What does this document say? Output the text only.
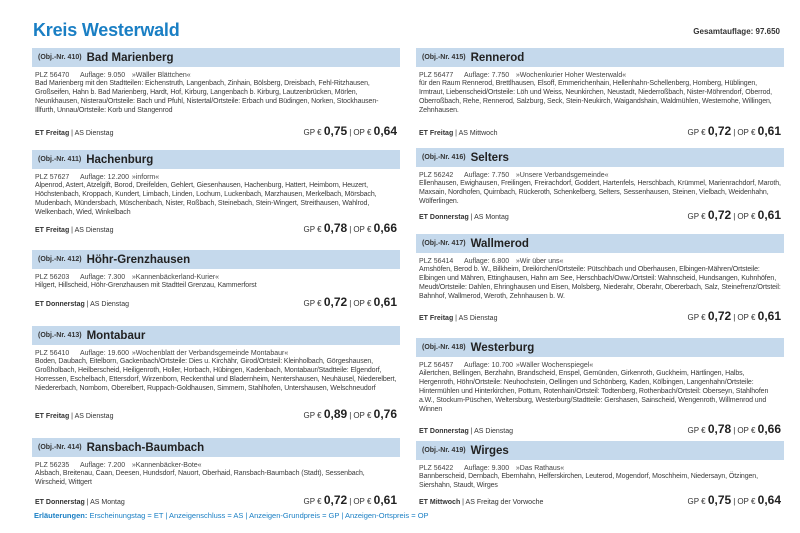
Kreis Westerwald	Gesamtauflage: 97.650
(Obj.-Nr. 410) Bad Marienberg
PLZ 56470 Auflage: 9.050 »Wäller Blättchen«
Bad Marienberg mit den Stadtteilen: Eichenstruth, Langenbach, Zinhain, Bölsberg, Dreisbach, Fehl-Ritzhausen, Großseifen, Hahn b. Bad Marienberg, Hardt, Hof, Kirburg, Langenbach b. Kirburg, Lautzenbrücken, Mörlen, Neunkhausen, Nisterau/Ortsteile: Bach und Pfuhl, Nistertal/Ortsteile: Erbach und Büdingen, Norken, Stockhausen-Illfurth, Unnau/Ortsteile: Korb und Stangenrod
ET Freitag | AS Dienstag	GP € 0,75 | OP € 0,64
(Obj.-Nr. 411) Hachenburg
PLZ 57627 Auflage: 12.200 »inform«
Alpenrod, Astert, Atzelgift, Borod, Dreifelden, Gehlert, Giesenhausen, Hachenburg, Hattert, Heimborn, Heuzert, Höchstenbach, Kroppach, Kundert, Limbach, Linden, Lochum, Luckenbach, Marzhausen, Merkelbach, Mörsbach, Mudenbach, Mündersbach, Müschenbach, Nister, Roßbach, Steinebach, Stein-Wingert, Streithausen, Wahlrod, Welkenbach, Wied, Winkelbach
ET Freitag | AS Dienstag	GP € 0,78 | OP € 0,66
(Obj.-Nr. 412) Höhr-Grenzhausen
PLZ 56203 Auflage: 7.300 »Kannenbäckerland-Kurier«
Hilgert, Hillscheid, Höhr-Grenzhausen mit Stadtteil Grenzau, Kammerforst
ET Donnerstag | AS Dienstag	GP € 0,72 | OP € 0,61
(Obj.-Nr. 413) Montabaur
PLZ 56410 Auflage: 19.600 »Wochenblatt der Verbandsgemeinde Montabaur«
Boden, Daubach, Eitelborn, Gackenbach/Ortsteile: Dies u. Kirchähr, Girod/Ortsteil: Kleinholbach, Görgeshausen, Großholbach, Heilberscheid, Heiligenroth, Holler, Horbach, Hübingen, Kadenbach, Montabaur/Stadtteile: Elgendorf, Horressen, Eschelbach, Ettersdorf, Wirzenborn, Reckenthal und Bladernheim, Nentershausen, Neuhäusel, Niederelbert, Niedererbach, Nomborn, Oberelbert, Ruppach-Goldhausen, Simmern, Stahlhofen, Untershausen, Welschneudorf
ET Freitag | AS Dienstag	GP € 0,89 | OP € 0,76
(Obj.-Nr. 414) Ransbach-Baumbach
PLZ 56235 Auflage: 7.200 »Kannenbäcker-Bote«
Alsbach, Breitenau, Caan, Deesen, Hundsdorf, Nauort, Oberhaid, Ransbach-Baumbach (Stadt), Sessenbach, Wirscheid, Wittgert
ET Donnerstag | AS Montag	GP € 0,72 | OP € 0,61
(Obj.-Nr. 415) Rennerod
PLZ 56477 Auflage: 7.750 »Wochenkurier Hoher Westerwald«
für den Raum Rennerod, Brettlhausen, Elsoff, Emmerichenhain, Hellenhahn-Schellenberg, Homberg, Hüblingen, Irmtraut, Liebenscheid/Ortsteile: Löh und Weiss, Neunkirchen, Neustadt, Niederroßbach, Nister-Möhrendorf, Oberrod, Oberroßbach, Rehe, Rennerod, Salzburg, Seck, Stein-Neukirch, Waigandshain, Waldmühlen, Westernohe, Willingen, Zehnhausen.
ET Freitag | AS Mittwoch	GP € 0,72 | OP € 0,61
(Obj.-Nr. 416) Selters
PLZ 56242 Auflage: 7.750 »Unsere Verbandsgemeinde«
Ellenhausen, Ewighausen, Freilingen, Freirachdorf, Goddert, Hartenfels, Herschbach, Krümmel, Marienrachdorf, Maroth, Maxsain, Nordhofen, Quirnbach, Rückeroth, Schenkelberg, Selters, Sessenhausen, Steinen, Vielbach, Weidenhahn, Wölferlingen.
ET Donnerstag | AS Montag	GP € 0,72 | OP € 0,61
(Obj.-Nr. 417) Wallmerod
PLZ 56414 Auflage: 6.800 »Wir über uns«
Arnshöfen, Berod b. W., Bilkheim, Dreikirchen/Ortsteile: Pütschbach und Oberhausen, Elbingen-Mähren/Ortsteile: Elbingen und Mähren, Ettinghausen, Hahn am See, Herschbach/Oww./Ortsteil: Wahnscheid, Hundsangen, Kuhnhöfen, Meudt/Ortsteile: Dahlen, Ehringhausen und Eisen, Molsberg, Niederahr, Oberahr, Obererbach, Salz, Steinefrenz/Ortsteil: Bahnhof, Wallmerod, Weroth, Zehnhausen b. W.
ET Freitag | AS Dienstag	GP € 0,72 | OP € 0,61
(Obj.-Nr. 418) Westerburg
PLZ 56457 Auflage: 10.700 »Wäller Wochenspiegel«
Ailertchen, Bellingen, Berzhahn, Brandscheid, Enspel, Gemünden, Girkenroth, Guckheim, Härtlingen, Halbs, Hergenroth, Höhn/Ortsteile: Neuhochstein, Oellingen und Schönberg, Kaden, Kölbingen, Langenhahn/Ortsteile: Hintermühlen und Hinterkirchen, Pottum, Rotenhain/Ortsteil: Todtenberg, Rothenbach/Ortsteil: Oberseyn, Stahlhofen a.W., Stockum-Püschen, Weltersburg, Westerburg/Stadtteile: Gershasen, Sainscheid, Wengenroth, Willmenrod und Winnen
ET Donnerstag | AS Dienstag	GP € 0,78 | OP € 0,66
(Obj.-Nr. 419) Wirges
PLZ 56422 Auflage: 9.300 »Das Rathaus«
Bannberscheid, Dernbach, Ebernhahn, Helferskirchen, Leuterod, Mogendorf, Moschheim, Niedersayn, Ötzingen, Siershahn, Staudt, Wirges
ET Mittwoch | AS Freitag der Vorwoche	GP € 0,75 | OP € 0,64
Erläuterungen: Erscheinungstag = ET | Anzeigenschluss = AS | Anzeigen-Grundpreis = GP | Anzeigen-Ortspreis = OP
